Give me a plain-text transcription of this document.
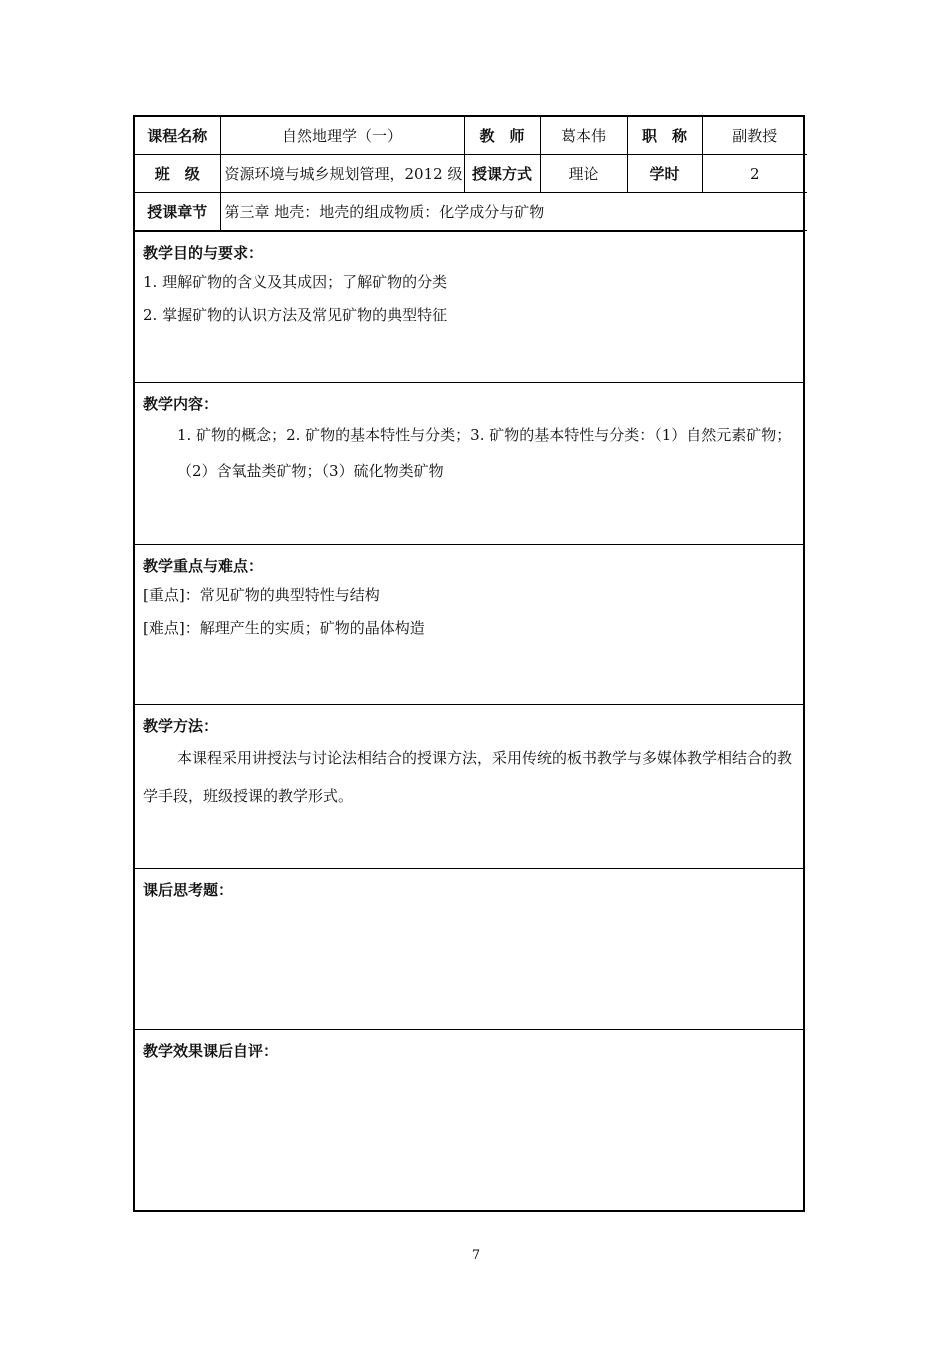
课程名称	自然地理学（一）	教　师	葛本伟	职　称	副教授
班　级	资源环境与城乡规划管理，2012 级	授课方式	理论	学时	2
授课章节	第三章 地壳：地壳的组成物质：化学成分与矿物				
教学目的与要求：

1. 理解矿物的含义及其成因；了解矿物的分类

2. 掌握矿物的认识方法及常见矿物的典型特征

教学内容：

1. 矿物的概念；2. 矿物的基本特性与分类；3. 矿物的基本特性与分类：（1）自然元素矿物；（2）含氧盐类矿物；（3）硫化物类矿物

教学重点与难点：

[重点]：常见矿物的典型特性与结构

[难点]：解理产生的实质；矿物的晶体构造

教学方法：

本课程采用讲授法与讨论法相结合的授课方法，采用传统的板书教学与多媒体教学相结合的教学手段，班级授课的教学形式。

课后思考题：
教学效果课后自评：
7
